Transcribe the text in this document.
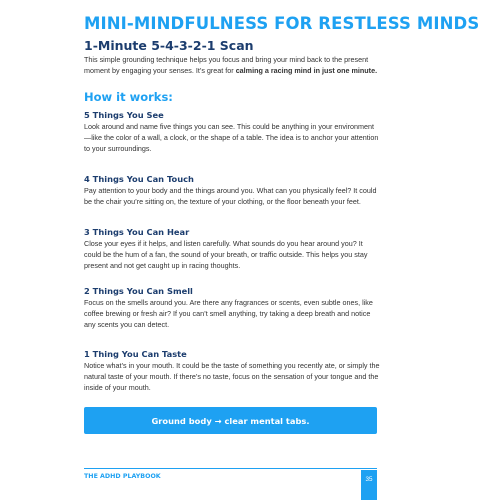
MINI-MINDFULNESS FOR RESTLESS MINDS
1-Minute 5-4-3-2-1 Scan
This simple grounding technique helps you focus and bring your mind back to the present moment by engaging your senses. It’s great for calming a racing mind in just one minute.
How it works:
5 Things You See
Look around and name five things you can see. This could be anything in your environment—like the color of a wall, a clock, or the shape of a table. The idea is to anchor your attention to your surroundings.
4 Things You Can Touch
Pay attention to your body and the things around you. What can you physically feel? It could be the chair you’re sitting on, the texture of your clothing, or the floor beneath your feet.
3 Things You Can Hear
Close your eyes if it helps, and listen carefully. What sounds do you hear around you? It could be the hum of a fan, the sound of your breath, or traffic outside. This helps you stay present and not get caught up in racing thoughts.
2 Things You Can Smell
Focus on the smells around you. Are there any fragrances or scents, even subtle ones, like coffee brewing or fresh air? If you can’t smell anything, try taking a deep breath and notice any scents you can detect.
1 Thing You Can Taste
Notice what’s in your mouth. It could be the taste of something you recently ate, or simply the natural taste of your mouth. If there’s no taste, focus on the sensation of your tongue and the inside of your mouth.
Ground body → clear mental tabs.
THE ADHD PLAYBOOK	35
